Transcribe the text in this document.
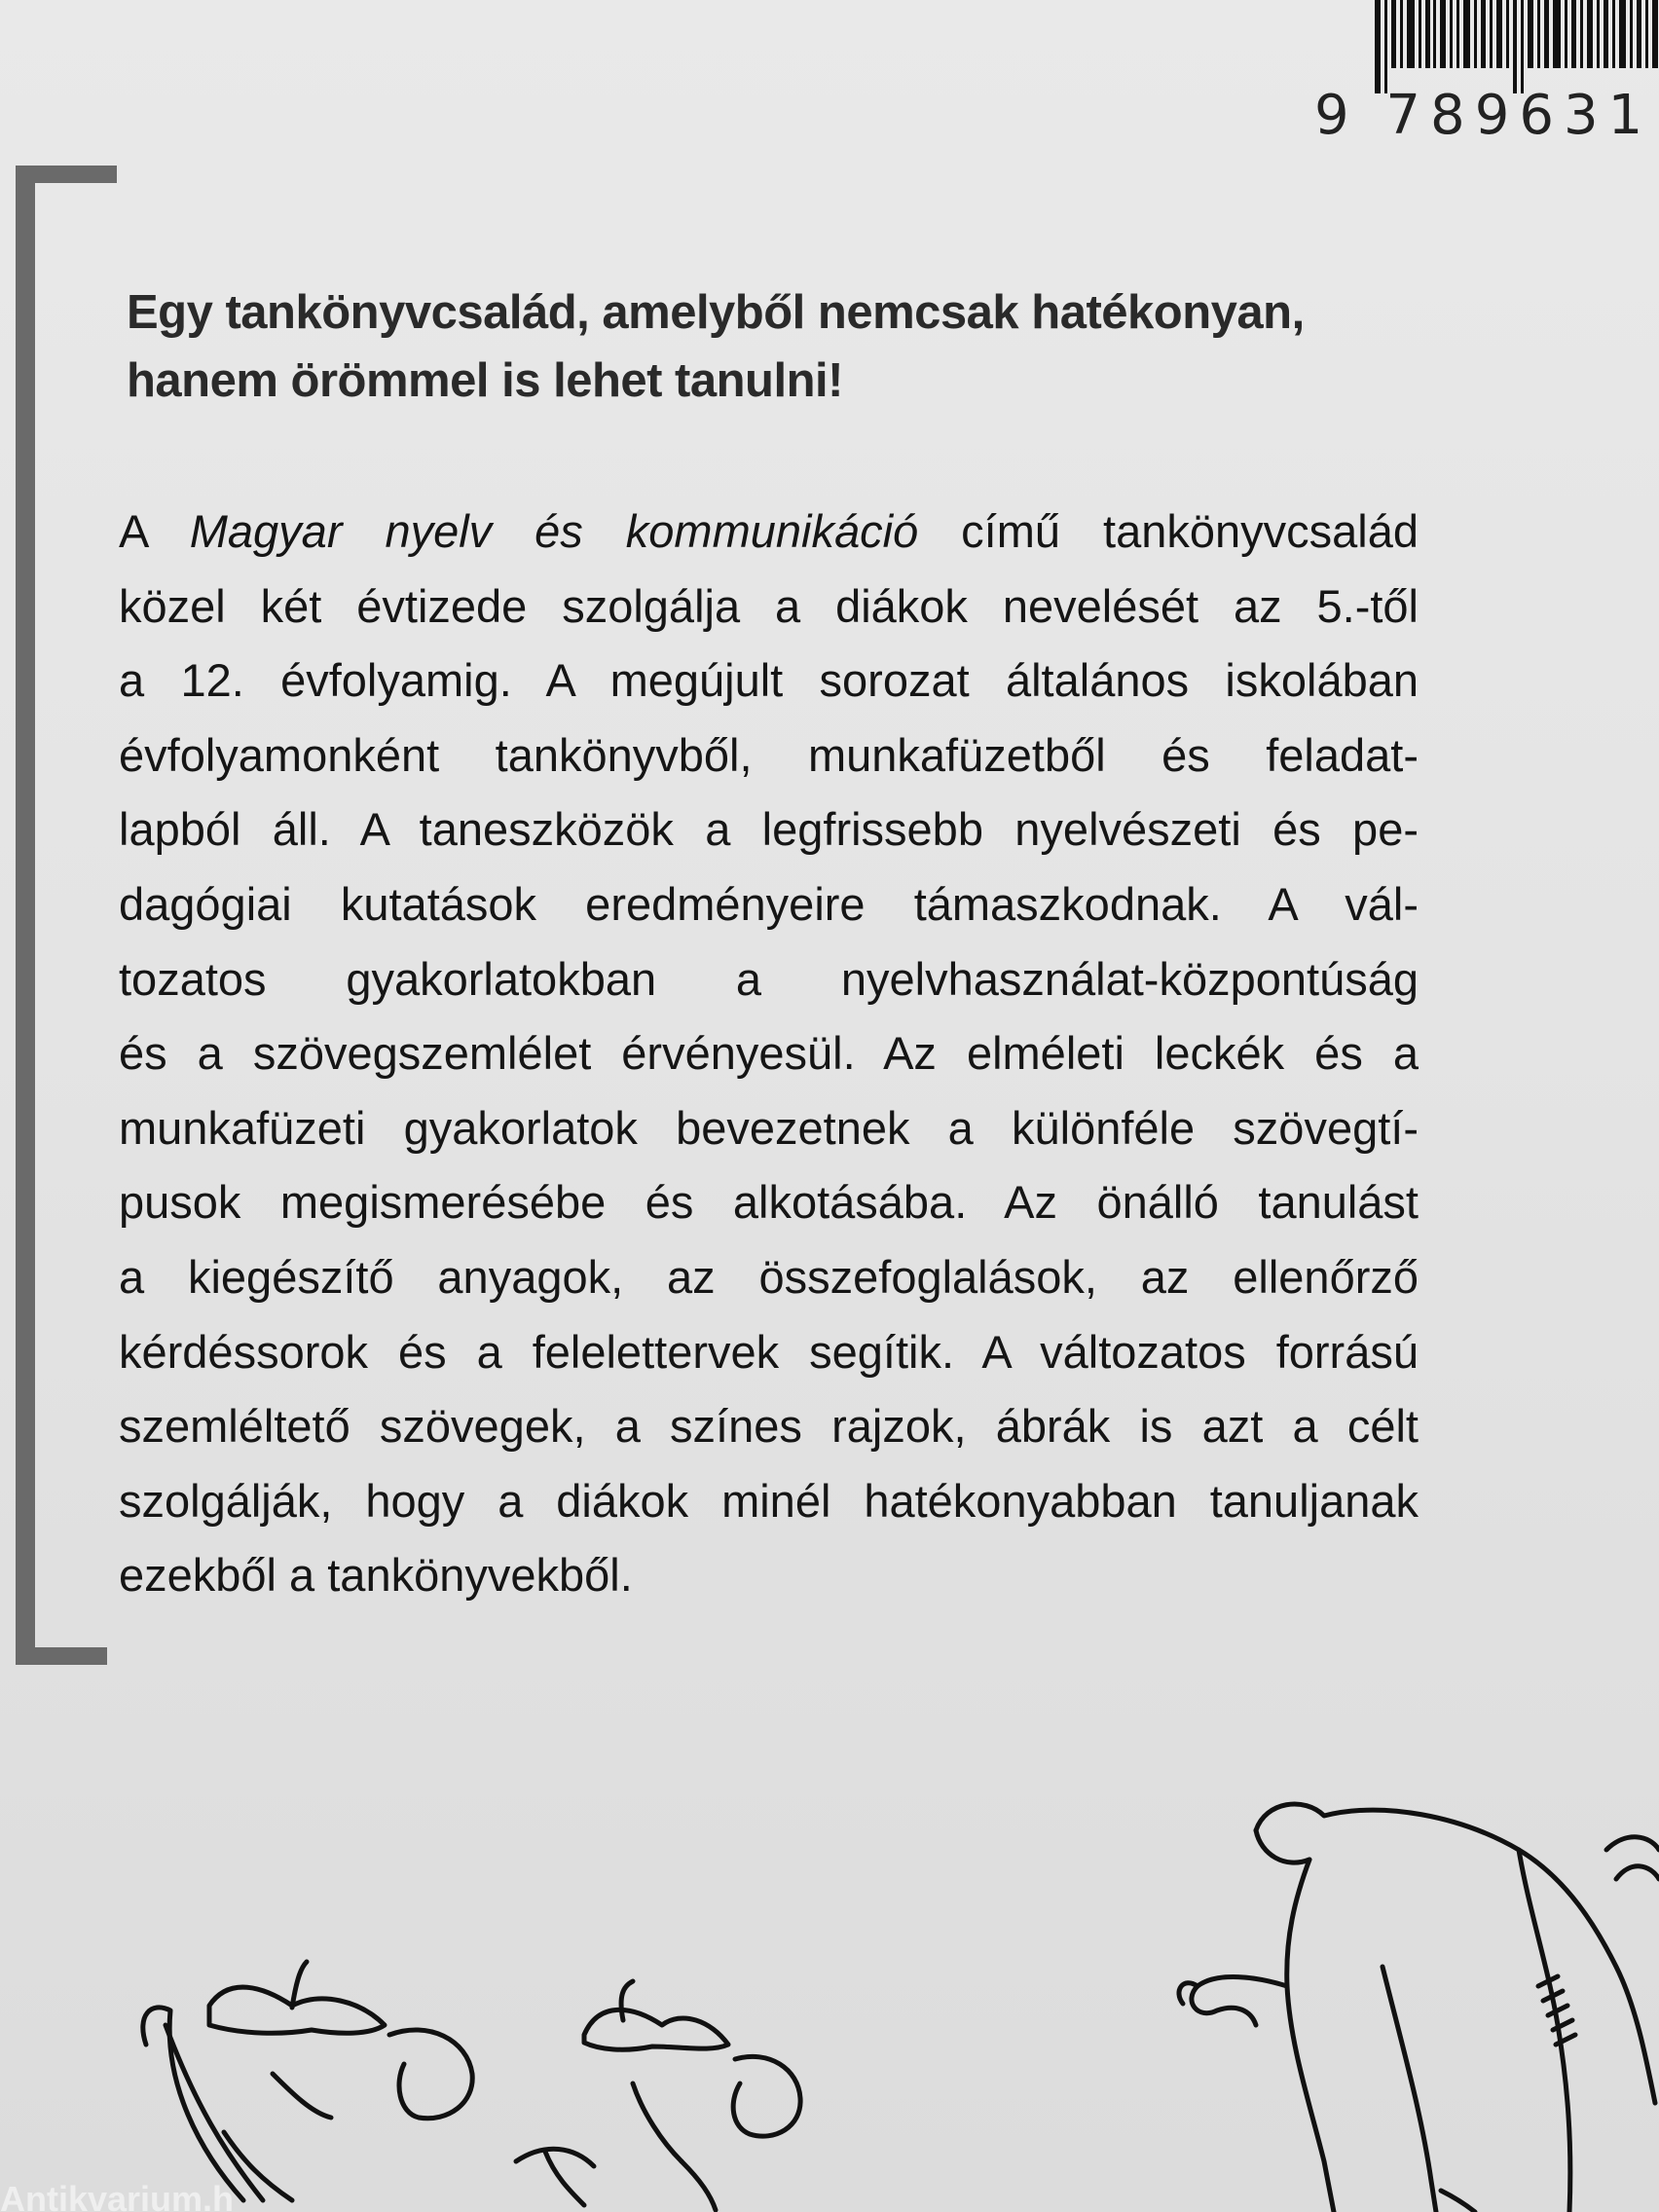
9 789631
Egy tankönyvcsalád, amelyből nemcsak hatékonyan,
hanem örömmel is lehet tanulni!
A Magyar nyelv és kommunikáció című tankönyvcsalád
közel két évtizede szolgálja a diákok nevelését az 5.-től
a 12. évfolyamig. A megújult sorozat általános iskolában
évfolyamonként tankönyvből, munkafüzetből és feladat-
lapból áll. A taneszközök a legfrissebb nyelvészeti és pe-
dagógiai kutatások eredményeire támaszkodnak. A vál-
tozatos gyakorlatokban a nyelvhasználat-központúság
és a szövegszemlélet érvényesül. Az elméleti leckék és a
munkafüzeti gyakorlatok bevezetnek a különféle szövegtí-
pusok megismerésébe és alkotásába. Az önálló tanulást
a kiegészítő anyagok, az összefoglalások, az ellenőrző
kérdéssorok és a felelettervek segítik. A változatos forrású
szemléltető szövegek, a színes rajzok, ábrák is azt a célt
szolgálják, hogy a diákok minél hatékonyabban tanuljanak
ezekből a tankönyvekből.
Antikvarium.h
